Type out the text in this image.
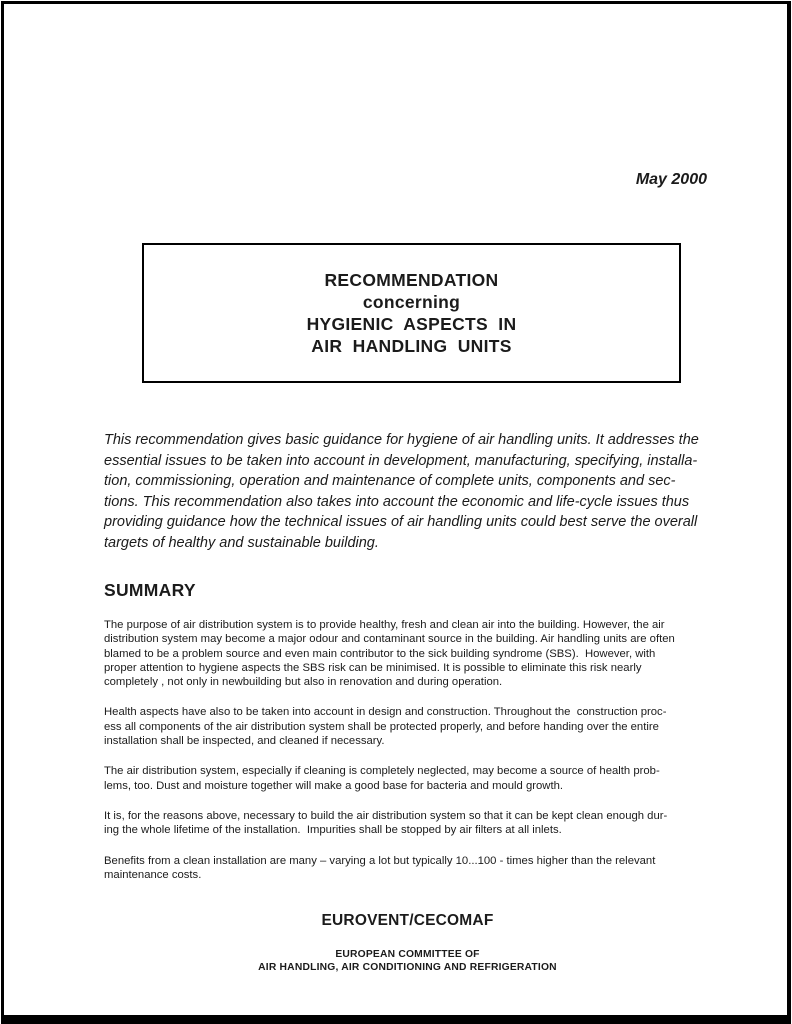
May 2000
RECOMMENDATION
concerning
HYGIENIC  ASPECTS  IN
AIR  HANDLING  UNITS
This recommendation gives basic guidance for hygiene of air handling units. It addresses the
essential issues to be taken into account in development, manufacturing, specifying, installa-
tion, commissioning, operation and maintenance of complete units, components and sec-
tions. This recommendation also takes into account the economic and life-cycle issues thus
providing guidance how the technical issues of air handling units could best serve the overall
targets of healthy and sustainable building.
SUMMARY
The purpose of air distribution system is to provide healthy, fresh and clean air into the building. However, the air
distribution system may become a major odour and contaminant source in the building. Air handling units are often
blamed to be a problem source and even main contributor to the sick building syndrome (SBS).  However, with
proper attention to hygiene aspects the SBS risk can be minimised. It is possible to eliminate this risk nearly
completely , not only in newbuilding but also in renovation and during operation.
Health aspects have also to be taken into account in design and construction. Throughout the  construction proc-
ess all components of the air distribution system shall be protected properly, and before handing over the entire
installation shall be inspected, and cleaned if necessary.
The air distribution system, especially if cleaning is completely neglected, may become a source of health prob-
lems, too. Dust and moisture together will make a good base for bacteria and mould growth.
It is, for the reasons above, necessary to build the air distribution system so that it can be kept clean enough dur-
ing the whole lifetime of the installation.  Impurities shall be stopped by air filters at all inlets.
Benefits from a clean installation are many – varying a lot but typically 10...100 - times higher than the relevant
maintenance costs.
EUROVENT/CECOMAF
EUROPEAN COMMITTEE OF
AIR HANDLING, AIR CONDITIONING AND REFRIGERATION
